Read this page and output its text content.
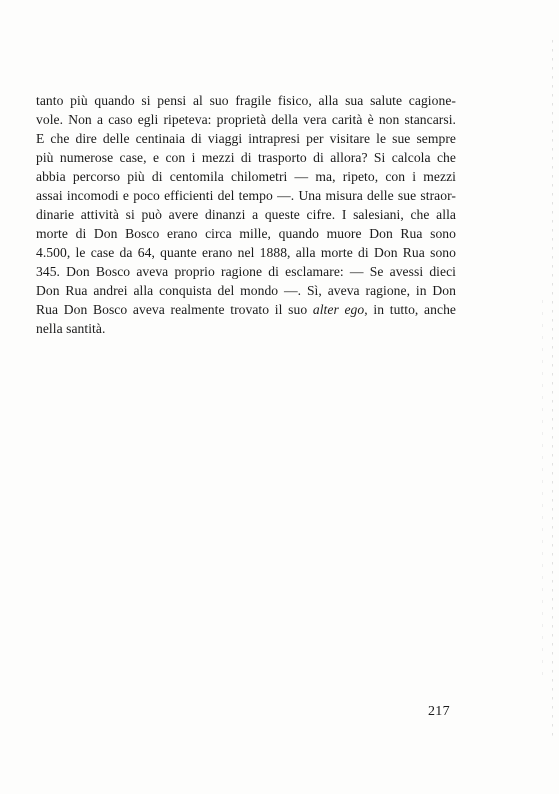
tanto più quando si pensi al suo fragile fisico, alla sua salute cagione-
vole. Non a caso egli ripeteva: proprietà della vera carità è non stancarsi.
E che dire delle centinaia di viaggi intrapresi per visitare le sue sempre
più numerose case, e con i mezzi di trasporto di allora? Si calcola che
abbia percorso più di centomila chilometri — ma, ripeto, con i mezzi
assai incomodi e poco efficienti del tempo —. Una misura delle sue straor-
dinarie attività si può avere dinanzi a queste cifre. I salesiani, che alla
morte di Don Bosco erano circa mille, quando muore Don Rua sono
4.500, le case da 64, quante erano nel 1888, alla morte di Don Rua sono
345. Don Bosco aveva proprio ragione di esclamare: — Se avessi dieci
Don Rua andrei alla conquista del mondo —. Sì, aveva ragione, in Don
Rua Don Bosco aveva realmente trovato il suo alter ego, in tutto, anche
nella santità.
217
